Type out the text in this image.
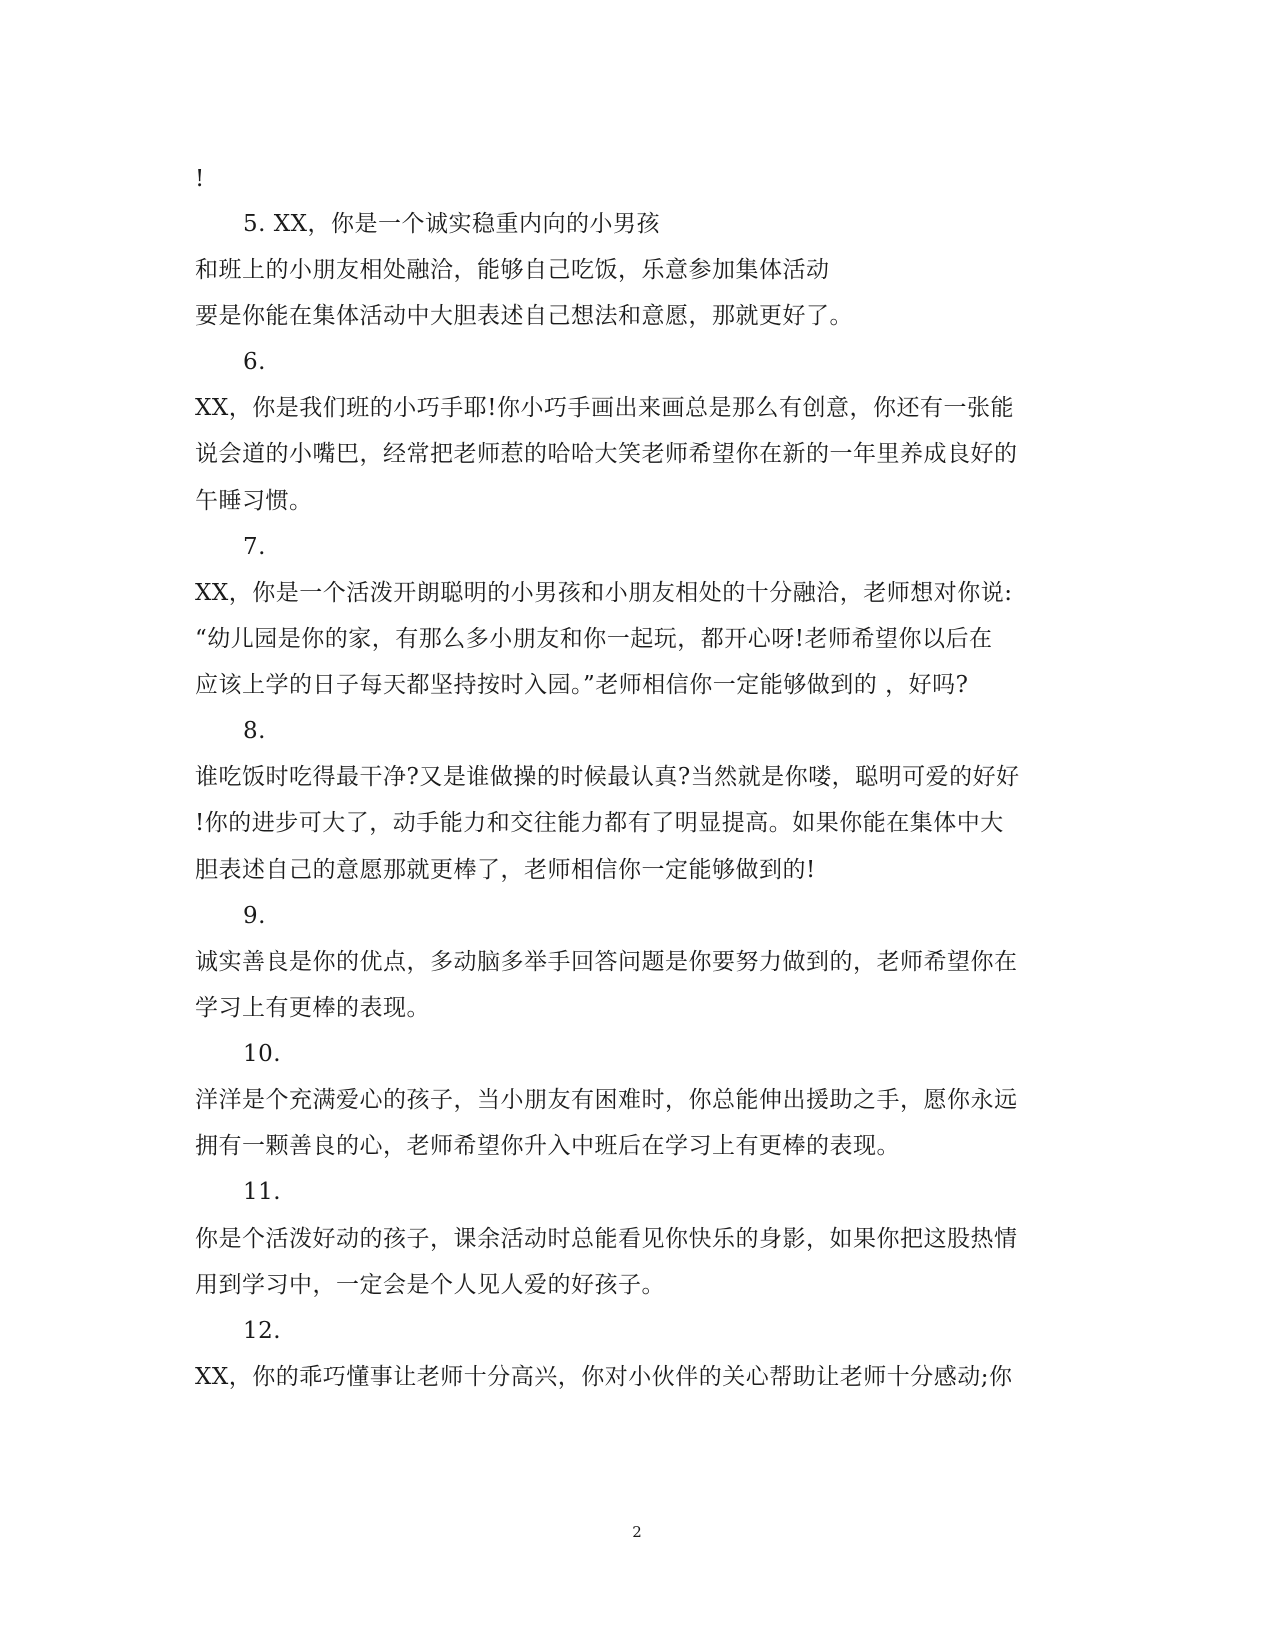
!
5. XX，你是一个诚实稳重内向的小男孩
和班上的小朋友相处融洽，能够自己吃饭，乐意参加集体活动
要是你能在集体活动中大胆表述自己想法和意愿，那就更好了。
6.
XX，你是我们班的小巧手耶!你小巧手画出来画总是那么有创意，你还有一张能
说会道的小嘴巴，经常把老师惹的哈哈大笑老师希望你在新的一年里养成良好的
午睡习惯。
7.
XX，你是一个活泼开朗聪明的小男孩和小朋友相处的十分融洽，老师想对你说:
“幼儿园是你的家，有那么多小朋友和你一起玩，都开心呀!老师希望你以后在
应该上学的日子每天都坚持按时入园。”老师相信你一定能够做到的 ，好吗?
8.
谁吃饭时吃得最干净?又是谁做操的时候最认真?当然就是你喽，聪明可爱的好好
!你的进步可大了，动手能力和交往能力都有了明显提高。如果你能在集体中大
胆表述自己的意愿那就更棒了，老师相信你一定能够做到的!
9.
诚实善良是你的优点，多动脑多举手回答问题是你要努力做到的，老师希望你在
学习上有更棒的表现。
10.
洋洋是个充满爱心的孩子，当小朋友有困难时，你总能伸出援助之手，愿你永远
拥有一颗善良的心，老师希望你升入中班后在学习上有更棒的表现。
11.
你是个活泼好动的孩子，课余活动时总能看见你快乐的身影，如果你把这股热情
用到学习中，一定会是个人见人爱的好孩子。
12.
XX，你的乖巧懂事让老师十分高兴，你对小伙伴的关心帮助让老师十分感动;你
2
